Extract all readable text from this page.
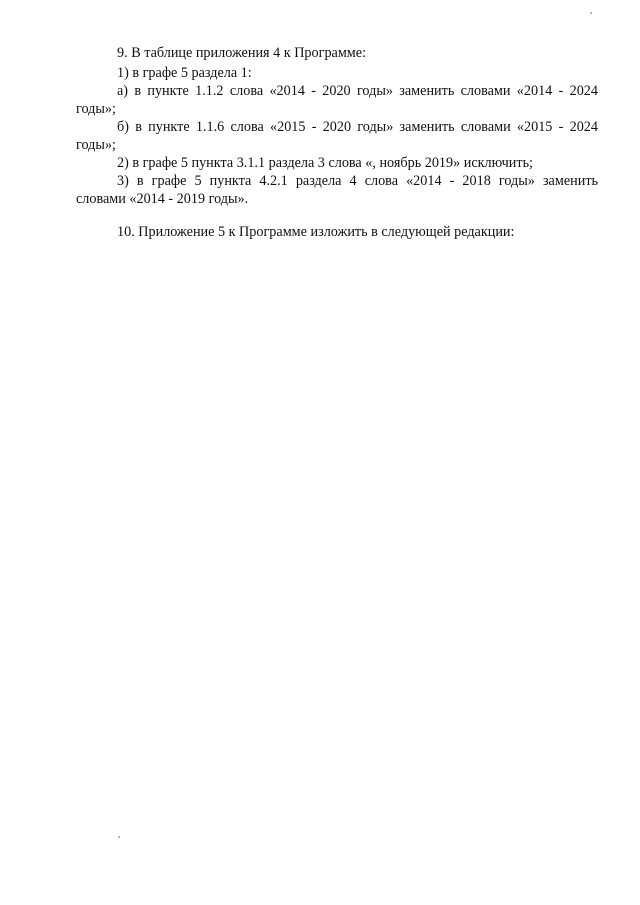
9. В таблице приложения 4 к Программе:
1) в графе 5 раздела 1:
а) в пункте 1.1.2 слова «2014 - 2020 годы» заменить словами «2014 - 2024
годы»;
б) в пункте 1.1.6 слова «2015 - 2020 годы» заменить словами «2015 - 2024
годы»;
2) в графе 5 пункта 3.1.1 раздела 3 слова «, ноябрь 2019» исключить;
3) в графе 5 пункта 4.2.1 раздела 4 слова «2014 - 2018 годы» заменить
словами «2014 - 2019 годы».
10. Приложение 5 к Программе изложить в следующей редакции:
